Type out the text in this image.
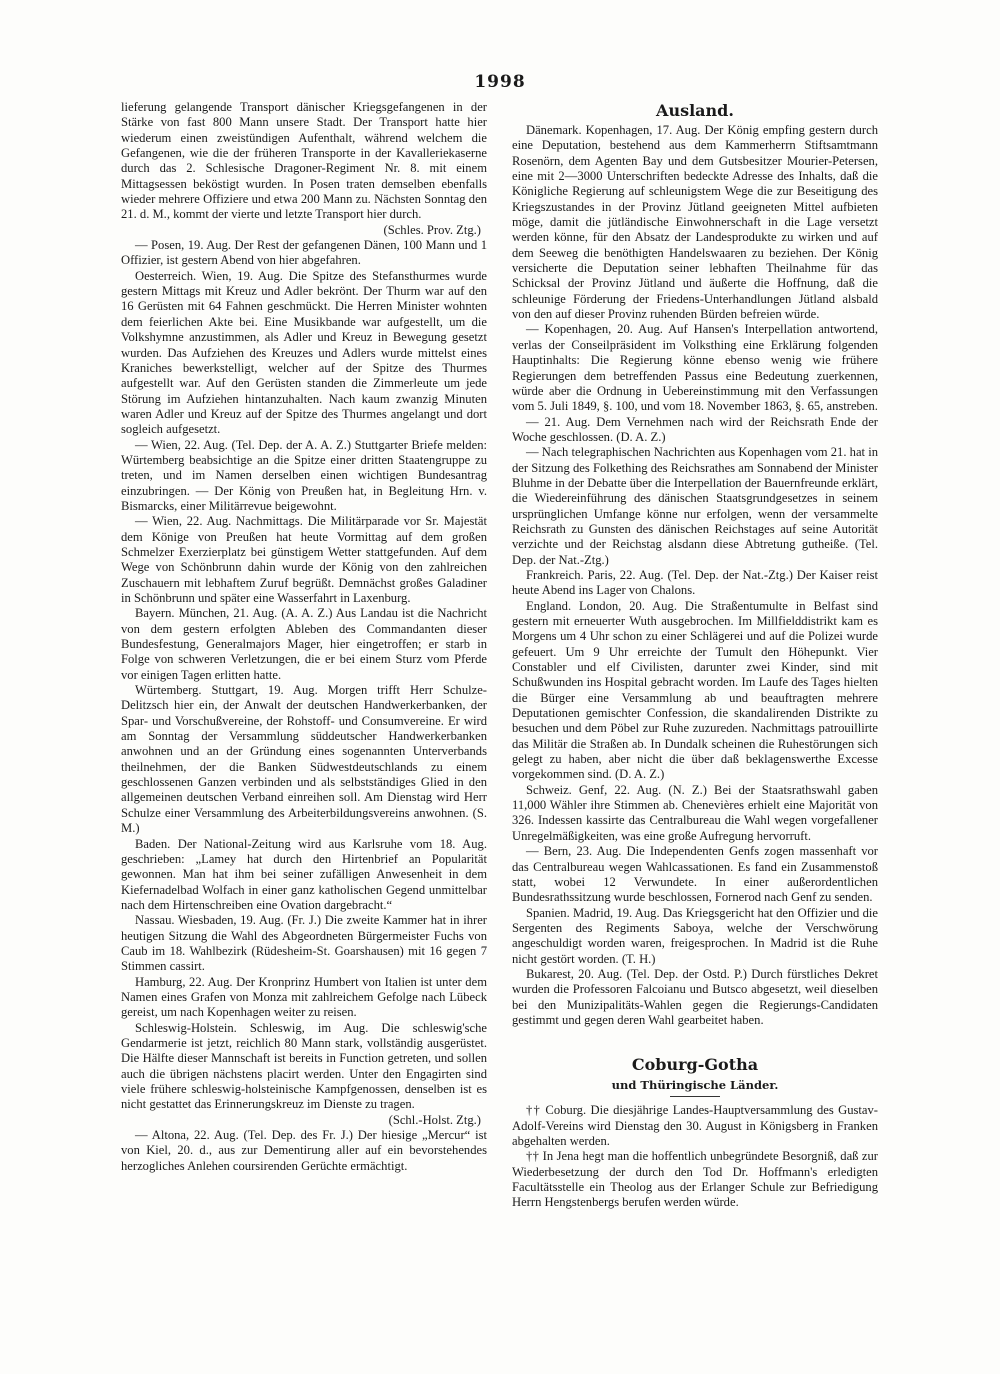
1998

lieferung gelangende Transport dänischer Kriegsgefangenen in der Stärke von fast 800 Mann unsere Stadt. Der Transport hatte hier wiederum einen zweistündigen Aufenthalt, während welchem die Gefangenen, wie die der früheren Transporte in der Kavalleriekaserne durch das 2. Schlesische Dragoner-Regiment Nr. 8. mit einem Mittagsessen beköstigt wurden. In Posen traten demselben ebenfalls wieder mehrere Offiziere und etwa 200 Mann zu. Nächsten Sonntag den 21. d. M., kommt der vierte und letzte Transport hier durch.
(Schles. Prov. Ztg.)

— Posen, 19. Aug. Der Rest der gefangenen Dänen, 100 Mann und 1 Offizier, ist gestern Abend von hier abgefahren.

Oesterreich. Wien, 19. Aug. Die Spitze des Stefansthurmes wurde gestern Mittags mit Kreuz und Adler bekrönt. Der Thurm war auf den 16 Gerüsten mit 64 Fahnen geschmückt. Die Herren Minister wohnten dem feierlichen Akte bei. Eine Musikbande war aufgestellt, um die Volkshymne anzustimmen, als Adler und Kreuz in Bewegung gesetzt wurden. Das Aufziehen des Kreuzes und Adlers wurde mittelst eines Kraniches bewerkstelligt, welcher auf der Spitze des Thurmes aufgestellt war. Auf den Gerüsten standen die Zimmerleute um jede Störung im Aufziehen hintanzuhalten. Nach kaum zwanzig Minuten waren Adler und Kreuz auf der Spitze des Thurmes angelangt und dort sogleich aufgesetzt.

— Wien, 22. Aug. (Tel. Dep. der A. A. Z.) Stuttgarter Briefe melden: Würtemberg beabsichtige an die Spitze einer dritten Staatengruppe zu treten, und im Namen derselben einen wichtigen Bundesantrag einzubringen. — Der König von Preußen hat, in Begleitung Hrn. v. Bismarcks, einer Militärrevue beigewohnt.

— Wien, 22. Aug. Nachmittags. Die Militärparade vor Sr. Majestät dem Könige von Preußen hat heute Vormittag auf dem großen Schmelzer Exerzierplatz bei günstigem Wetter stattgefunden. Auf dem Wege von Schönbrunn dahin wurde der König von den zahlreichen Zuschauern mit lebhaftem Zuruf begrüßt. Demnächst großes Galadiner in Schönbrunn und später eine Wasserfahrt in Laxenburg.

Bayern. München, 21. Aug. (A. A. Z.) Aus Landau ist die Nachricht von dem gestern erfolgten Ableben des Commandanten dieser Bundesfestung, Generalmajors Mager, hier eingetroffen; er starb in Folge von schweren Verletzungen, die er bei einem Sturz vom Pferde vor einigen Tagen erlitten hatte.

Würtemberg. Stuttgart, 19. Aug. Morgen trifft Herr Schulze-Delitzsch hier ein, der Anwalt der deutschen Handwerkerbanken, der Spar- und Vorschußvereine, der Rohstoff- und Consumvereine. Er wird am Sonntag der Versammlung süddeutscher Handwerkerbanken anwohnen und an der Gründung eines sogenannten Unterverbands theilnehmen, der die Banken Südwestdeutschlands zu einem geschlossenen Ganzen verbinden und als selbstständiges Glied in den allgemeinen deutschen Verband einreihen soll. Am Dienstag wird Herr Schulze einer Versammlung des Arbeiterbildungsvereins anwohnen. (S. M.)

Baden. Der National-Zeitung wird aus Karlsruhe vom 18. Aug. geschrieben: „Lamey hat durch den Hirtenbrief an Popularität gewonnen. Man hat ihm bei seiner zufälligen Anwesenheit in dem Kiefernadelbad Wolfach in einer ganz katholischen Gegend unmittelbar nach dem Hirtenschreiben eine Ovation dargebracht.“

Nassau. Wiesbaden, 19. Aug. (Fr. J.) Die zweite Kammer hat in ihrer heutigen Sitzung die Wahl des Abgeordneten Bürgermeister Fuchs von Caub im 18. Wahlbezirk (Rüdesheim-St. Goarshausen) mit 16 gegen 7 Stimmen cassirt.

Hamburg, 22. Aug. Der Kronprinz Humbert von Italien ist unter dem Namen eines Grafen von Monza mit zahlreichem Gefolge nach Lübeck gereist, um nach Kopenhagen weiter zu reisen.

Schleswig-Holstein. Schleswig, im Aug. Die schleswig'sche Gendarmerie ist jetzt, reichlich 80 Mann stark, vollständig ausgerüstet. Die Hälfte dieser Mannschaft ist bereits in Function getreten, und sollen auch die übrigen nächstens placirt werden. Unter den Engagirten sind viele frühere schleswig-holsteinische Kampfgenossen, denselben ist es nicht gestattet das Erinnerungskreuz im Dienste zu tragen.
(Schl.-Holst. Ztg.)

— Altona, 22. Aug. (Tel. Dep. des Fr. J.) Der hiesige „Mercur“ ist von Kiel, 20. d., aus zur Dementirung aller auf ein bevorstehendes herzogliches Anlehen coursirenden Gerüchte ermächtigt.

Ausland.

Dänemark. Kopenhagen, 17. Aug. Der König empfing gestern durch eine Deputation, bestehend aus dem Kammerherrn Stiftsamtmann Rosenörn, dem Agenten Bay und dem Gutsbesitzer Mourier-Petersen, eine mit 2—3000 Unterschriften bedeckte Adresse des Inhalts, daß die Königliche Regierung auf schleunigstem Wege die zur Beseitigung des Kriegszustandes in der Provinz Jütland geeigneten Mittel aufbieten möge, damit die jütländische Einwohnerschaft in die Lage versetzt werden könne, für den Absatz der Landesprodukte zu wirken und auf dem Seeweg die benöthigten Handelswaaren zu beziehen. Der König versicherte die Deputation seiner lebhaften Theilnahme für das Schicksal der Provinz Jütland und äußerte die Hoffnung, daß die schleunige Förderung der Friedens-Unterhandlungen Jütland alsbald von den auf dieser Provinz ruhenden Bürden befreien würde.

— Kopenhagen, 20. Aug. Auf Hansen's Interpellation antwortend, verlas der Conseilpräsident im Volksthing eine Erklärung folgenden Hauptinhalts: Die Regierung könne ebenso wenig wie frühere Regierungen dem betreffenden Passus eine Bedeutung zuerkennen, würde aber die Ordnung in Uebereinstimmung mit den Verfassungen vom 5. Juli 1849, §. 100, und vom 18. November 1863, §. 65, anstreben.

— 21. Aug. Dem Vernehmen nach wird der Reichsrath Ende der Woche geschlossen. (D. A. Z.)

— Nach telegraphischen Nachrichten aus Kopenhagen vom 21. hat in der Sitzung des Folkething des Reichsrathes am Sonnabend der Minister Bluhme in der Debatte über die Interpellation der Bauernfreunde erklärt, die Wiedereinführung des dänischen Staatsgrundgesetzes in seinem ursprünglichen Umfange könne nur erfolgen, wenn der versammelte Reichsrath zu Gunsten des dänischen Reichstages auf seine Autorität verzichte und der Reichstag alsdann diese Abtretung gutheiße. (Tel. Dep. der Nat.-Ztg.)

Frankreich. Paris, 22. Aug. (Tel. Dep. der Nat.-Ztg.) Der Kaiser reist heute Abend ins Lager von Chalons.

England. London, 20. Aug. Die Straßentumulte in Belfast sind gestern mit erneuerter Wuth ausgebrochen. Im Millfielddistrikt kam es Morgens um 4 Uhr schon zu einer Schlägerei und auf die Polizei wurde gefeuert. Um 9 Uhr erreichte der Tumult den Höhepunkt. Vier Constabler und elf Civilisten, darunter zwei Kinder, sind mit Schußwunden ins Hospital gebracht worden. Im Laufe des Tages hielten die Bürger eine Versammlung ab und beauftragten mehrere Deputationen gemischter Confession, die skandalirenden Distrikte zu besuchen und dem Pöbel zur Ruhe zuzureden. Nachmittags patrouillirte das Militär die Straßen ab. In Dundalk scheinen die Ruhestörungen sich gelegt zu haben, aber nicht die über daß beklagenswerthe Excesse vorgekommen sind. (D. A. Z.)

Schweiz. Genf, 22. Aug. (N. Z.) Bei der Staatsrathswahl gaben 11,000 Wähler ihre Stimmen ab. Chenevières erhielt eine Majorität von 326. Indessen kassirte das Centralbureau die Wahl wegen vorgefallener Unregelmäßigkeiten, was eine große Aufregung hervorruft.

— Bern, 23. Aug. Die Independenten Genfs zogen massenhaft vor das Centralbureau wegen Wahlcassationen. Es fand ein Zusammenstoß statt, wobei 12 Verwundete. In einer außerordentlichen Bundesrathssitzung wurde beschlossen, Fornerod nach Genf zu senden.

Spanien. Madrid, 19. Aug. Das Kriegsgericht hat den Offizier und die Sergenten des Regiments Saboya, welche der Verschwörung angeschuldigt worden waren, freigesprochen. In Madrid ist die Ruhe nicht gestört worden. (T. H.)

Bukarest, 20. Aug. (Tel. Dep. der Ostd. P.) Durch fürstliches Dekret wurden die Professoren Falcoianu und Butsco abgesetzt, weil dieselben bei den Munizipalitäts-Wahlen gegen die Regierungs-Candidaten gestimmt und gegen deren Wahl gearbeitet haben.

Coburg-Gotha
und Thüringische Länder.

†† Coburg. Die diesjährige Landes-Hauptversammlung des Gustav-Adolf-Vereins wird Dienstag den 30. August in Königsberg in Franken abgehalten werden.

†† In Jena hegt man die hoffentlich unbegründete Besorgniß, daß zur Wiederbesetzung der durch den Tod Dr. Hoffmann's erledigten Facultätsstelle ein Theolog aus der Erlanger Schule zur Befriedigung Herrn Hengstenbergs berufen werden würde.
